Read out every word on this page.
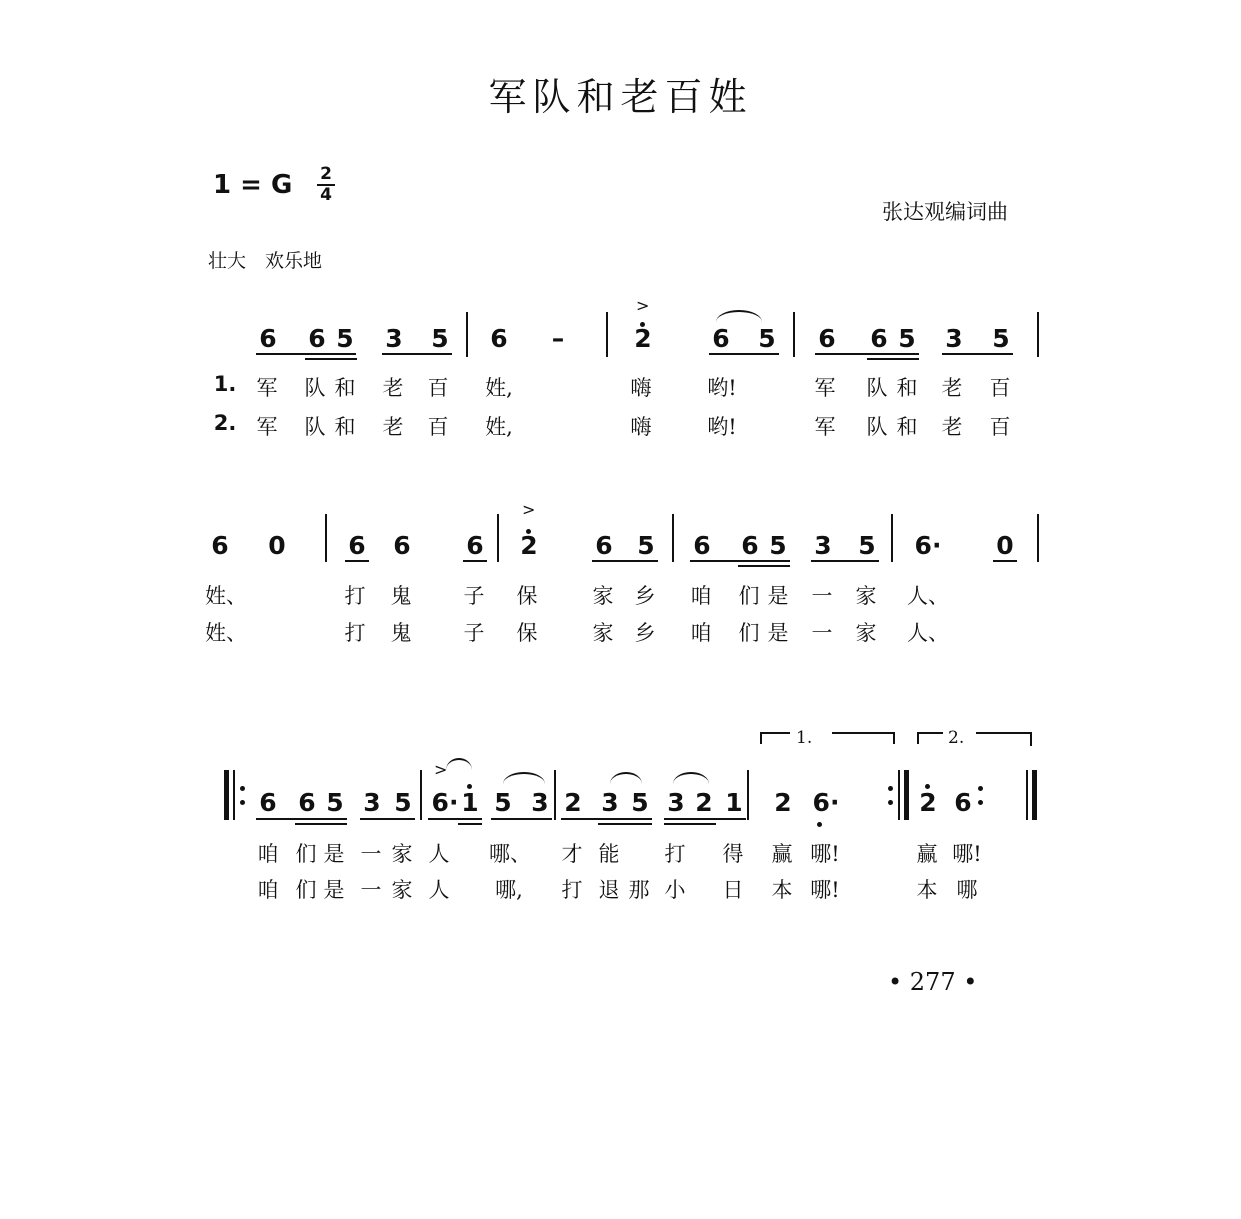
军队和老百姓
1 = G 2
4
张达观编词曲
壮大　欢乐地
6 6 5 3 5 6 –
>
2 6 5 6 6 5 3 5
1. 军 队 和 老 百 姓,	嗨	哟!	军 队 和 老 百
2. 军 队 和 老 百 姓,	嗨	哟!	军 队 和 老 百
6 0	6 6 6
>
2 6 5 6 6 5 3 5 6· 0
姓、	打 鬼 子 保	家 乡 咱 们 是 一 家 人、
姓、	打 鬼 子 保	家 乡 咱 们 是 一 家 人、
1.	2.
6 6 5 3 5
>
6· 1 5 3 2 3 5 3 2 1 2 6·	2 6
咱 们 是 一 家 人 哪、 才 能 打 得 赢 哪!	赢 哪!
咱 们 是 一 家 人 哪, 打 退 那 小 日 本 哪!	本 哪
• 277 •
